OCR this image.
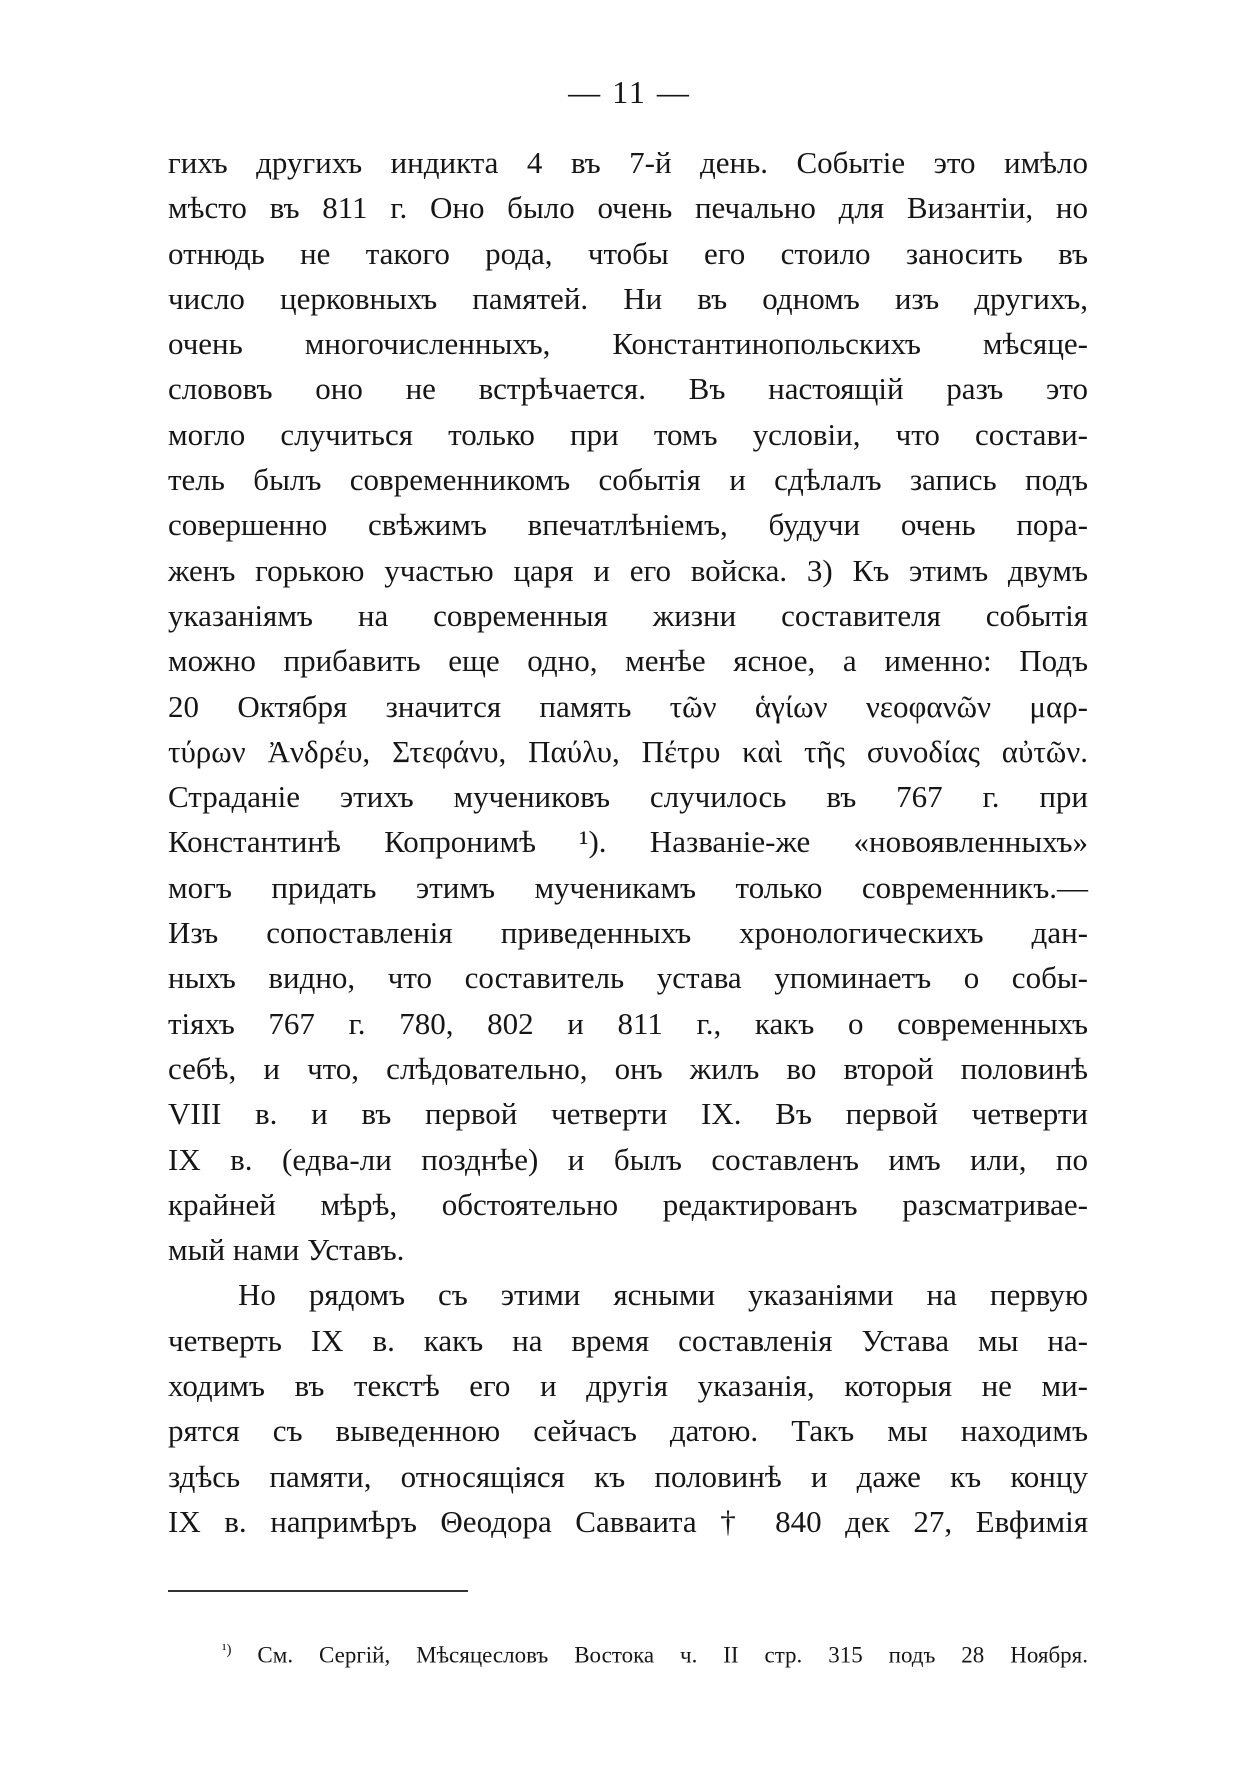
— 11 —
гихъ другихъ индикта 4 въ 7-й день. Событіе это имѣло
мѣсто въ 811 г. Оно было очень печально для Византіи, но
отнюдь не такого рода, чтобы его стоило заносить въ
число церковныхъ памятей. Ни въ одномъ изъ другихъ,
очень многочисленныхъ, Константинопольскихъ мѣсяце-
слововъ оно не встрѣчается. Въ настоящій разъ это
могло случиться только при томъ условіи, что состави-
тель былъ современникомъ событія и сдѣлалъ запись подъ
совершенно свѣжимъ впечатлѣніемъ, будучи очень пора-
женъ горькою участью царя и его войска. 3) Къ этимъ двумъ
указаніямъ на современныя жизни составителя событія
можно прибавить еще одно, менѣе ясное, а именно: Подъ
20 Октября значится память τῶν ἁγίων νεοφανῶν μαρ-
τύρων Ἀνδρέυ, Στεφάνυ, Παύλυ, Πέτρυ καὶ τῆς συνοδίας αὐτῶν.
Страданіе этихъ мучениковъ случилось въ 767 г. при
Константинѣ Копронимѣ ¹). Названіе-же «новоявленныхъ»
могъ придать этимъ мученикамъ только современникъ.—
Изъ сопоставленія приведенныхъ хронологическихъ дан-
ныхъ видно, что составитель устава упоминаетъ о собы-
тіяхъ 767 г. 780, 802 и 811 г., какъ о современныхъ
себѣ, и что, слѣдовательно, онъ жилъ во второй половинѣ
VIII в. и въ первой четверти IX. Въ первой четверти
IX в. (едва-ли позднѣе) и былъ составленъ имъ или, по
крайней мѣрѣ, обстоятельно редактированъ разсматривае-
мый нами Уставъ.
Но рядомъ съ этими ясными указаніями на первую
четверть IX в. какъ на время составленія Устава мы на-
ходимъ въ текстѣ его и другія указанія, которыя не ми-
рятся съ выведенною сейчасъ датою. Такъ мы находимъ
здѣсь памяти, относящіяся къ половинѣ и даже къ концу
IX в. напримѣръ Θеодора Савваита † 840 дек 27, Евфимія
$^{^1)}$ См. Сергій, Мѣсяцесловъ Востока ч. II стр. 315 подъ 28 Ноября.
